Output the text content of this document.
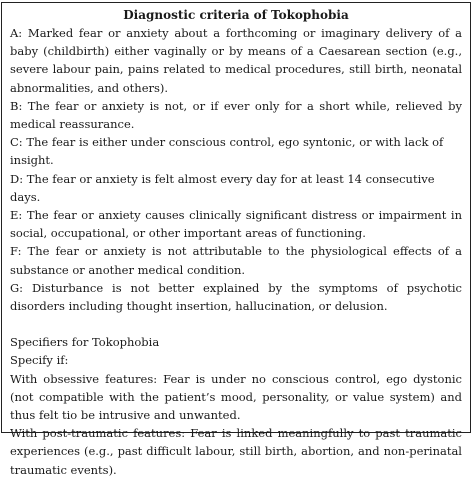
Diagnostic criteria of Tokophobia
A: Marked fear or anxiety about a forthcoming or imaginary delivery of a baby (childbirth) either vaginally or by means of a Caesarean section (e.g., severe labour pain, pains related to medical procedures, still birth, neonatal abnormalities, and others).
B: The fear or anxiety is not, or if ever only for a short while, relieved by medical reassurance.
C: The fear is either under conscious control, ego syntonic, or with lack of insight.
D: The fear or anxiety is felt almost every day for at least 14 consecutive days.
E: The fear or anxiety causes clinically significant distress or impairment in social, occupational, or other important areas of functioning.
F: The fear or anxiety is not attributable to the physiological effects of a substance or another medical condition.
G: Disturbance is not better explained by the symptoms of psychotic disorders including thought insertion, hallucination, or delusion.
Specifiers for Tokophobia
Specify if:
With obsessive features: Fear is under no conscious control, ego dystonic (not compatible with the patient’s mood, personality, or value system) and thus felt tio be intrusive and unwanted.
With post-traumatic features: Fear is linked meaningfully to past traumatic experiences (e.g., past difficult labour, still birth, abortion, and non-perinatal traumatic events).
